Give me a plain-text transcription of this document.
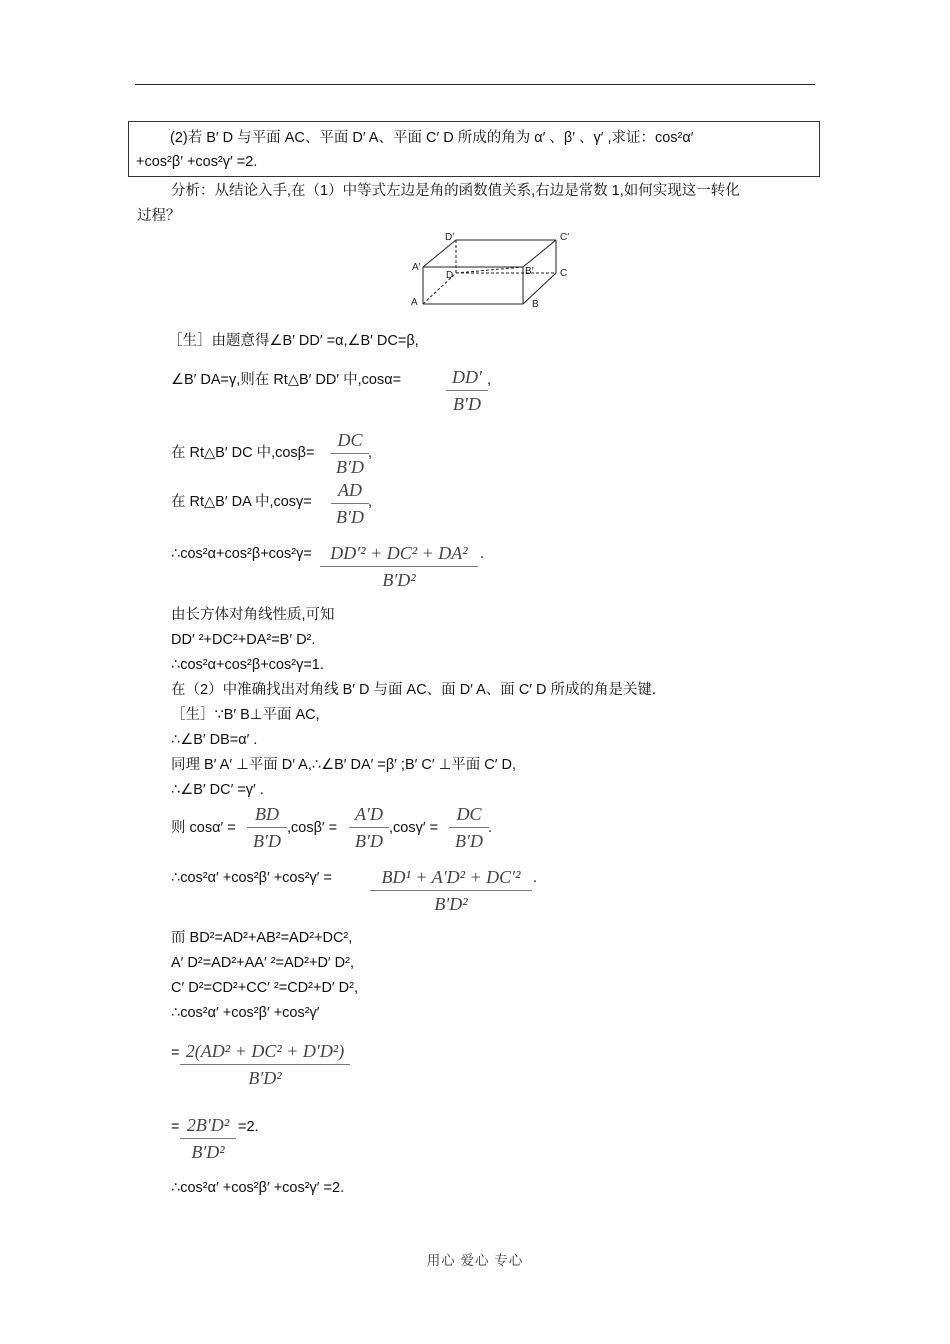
(2)若 B′ D 与平面 AC、平面 D′ A、平面 C′ D 所成的角为 α′ 、β′ 、γ′ ,求证：cos²α′
+cos²β′ +cos²γ′ =2.
分析：从结论入手,在（1）中等式左边是角的函数值关系,右边是常数 1,如何实现这一转化
过程？
D′	C′
A′
D	B′	C
A	B
［生］由题意得∠B′ DD′ =α,∠B′ DC=β,
∠B′ DA=γ,则在 Rt△B′ DD′ 中,cosα=	DD′
B′D
,
在 Rt△B′ DC 中,cosβ=
DC
B′D
,
在 Rt△B′ DA 中,cosγ=
AD
B′D
,
∴cos²α+cos²β+cos²γ=	DD′² + DC² + DA²
B′D²
.
由长方体对角线性质,可知
DD′ ²+DC²+DA²=B′ D².
∴cos²α+cos²β+cos²γ=1.
在（2）中准确找出对角线 B′ D 与面 AC、面 D′ A、面 C′ D 所成的角是关键.
［生］∵B′ B⊥平面 AC,
∴∠B′ DB=α′ .
同理 B′ A′ ⊥平面 D′ A,∴∠B′ DA′ =β′ ;B′ C′ ⊥平面 C′ D,
∴∠B′ DC′ =γ′ .
则 cosα′ =
BD
B′D
,cosβ′ =
A′D
B′D
,cosγ′ =
DC
B′D
.
∴cos²α′ +cos²β′ +cos²γ′ =	BD¹ + A′D² + DC′²
B′D²
.
而 BD²=AD²+AB²=AD²+DC²,
A′ D²=AD²+AA′ ²=AD²+D′ D²,
C′ D²=CD²+CC′ ²=CD²+D′ D²,
∴cos²α′ +cos²β′ +cos²γ′
= 2(AD² + DC² + D′D²)
B′D²
= 2B′D²
B′D²
=2.
∴cos²α′ +cos²β′ +cos²γ′ =2.
用心 爱心 专心
